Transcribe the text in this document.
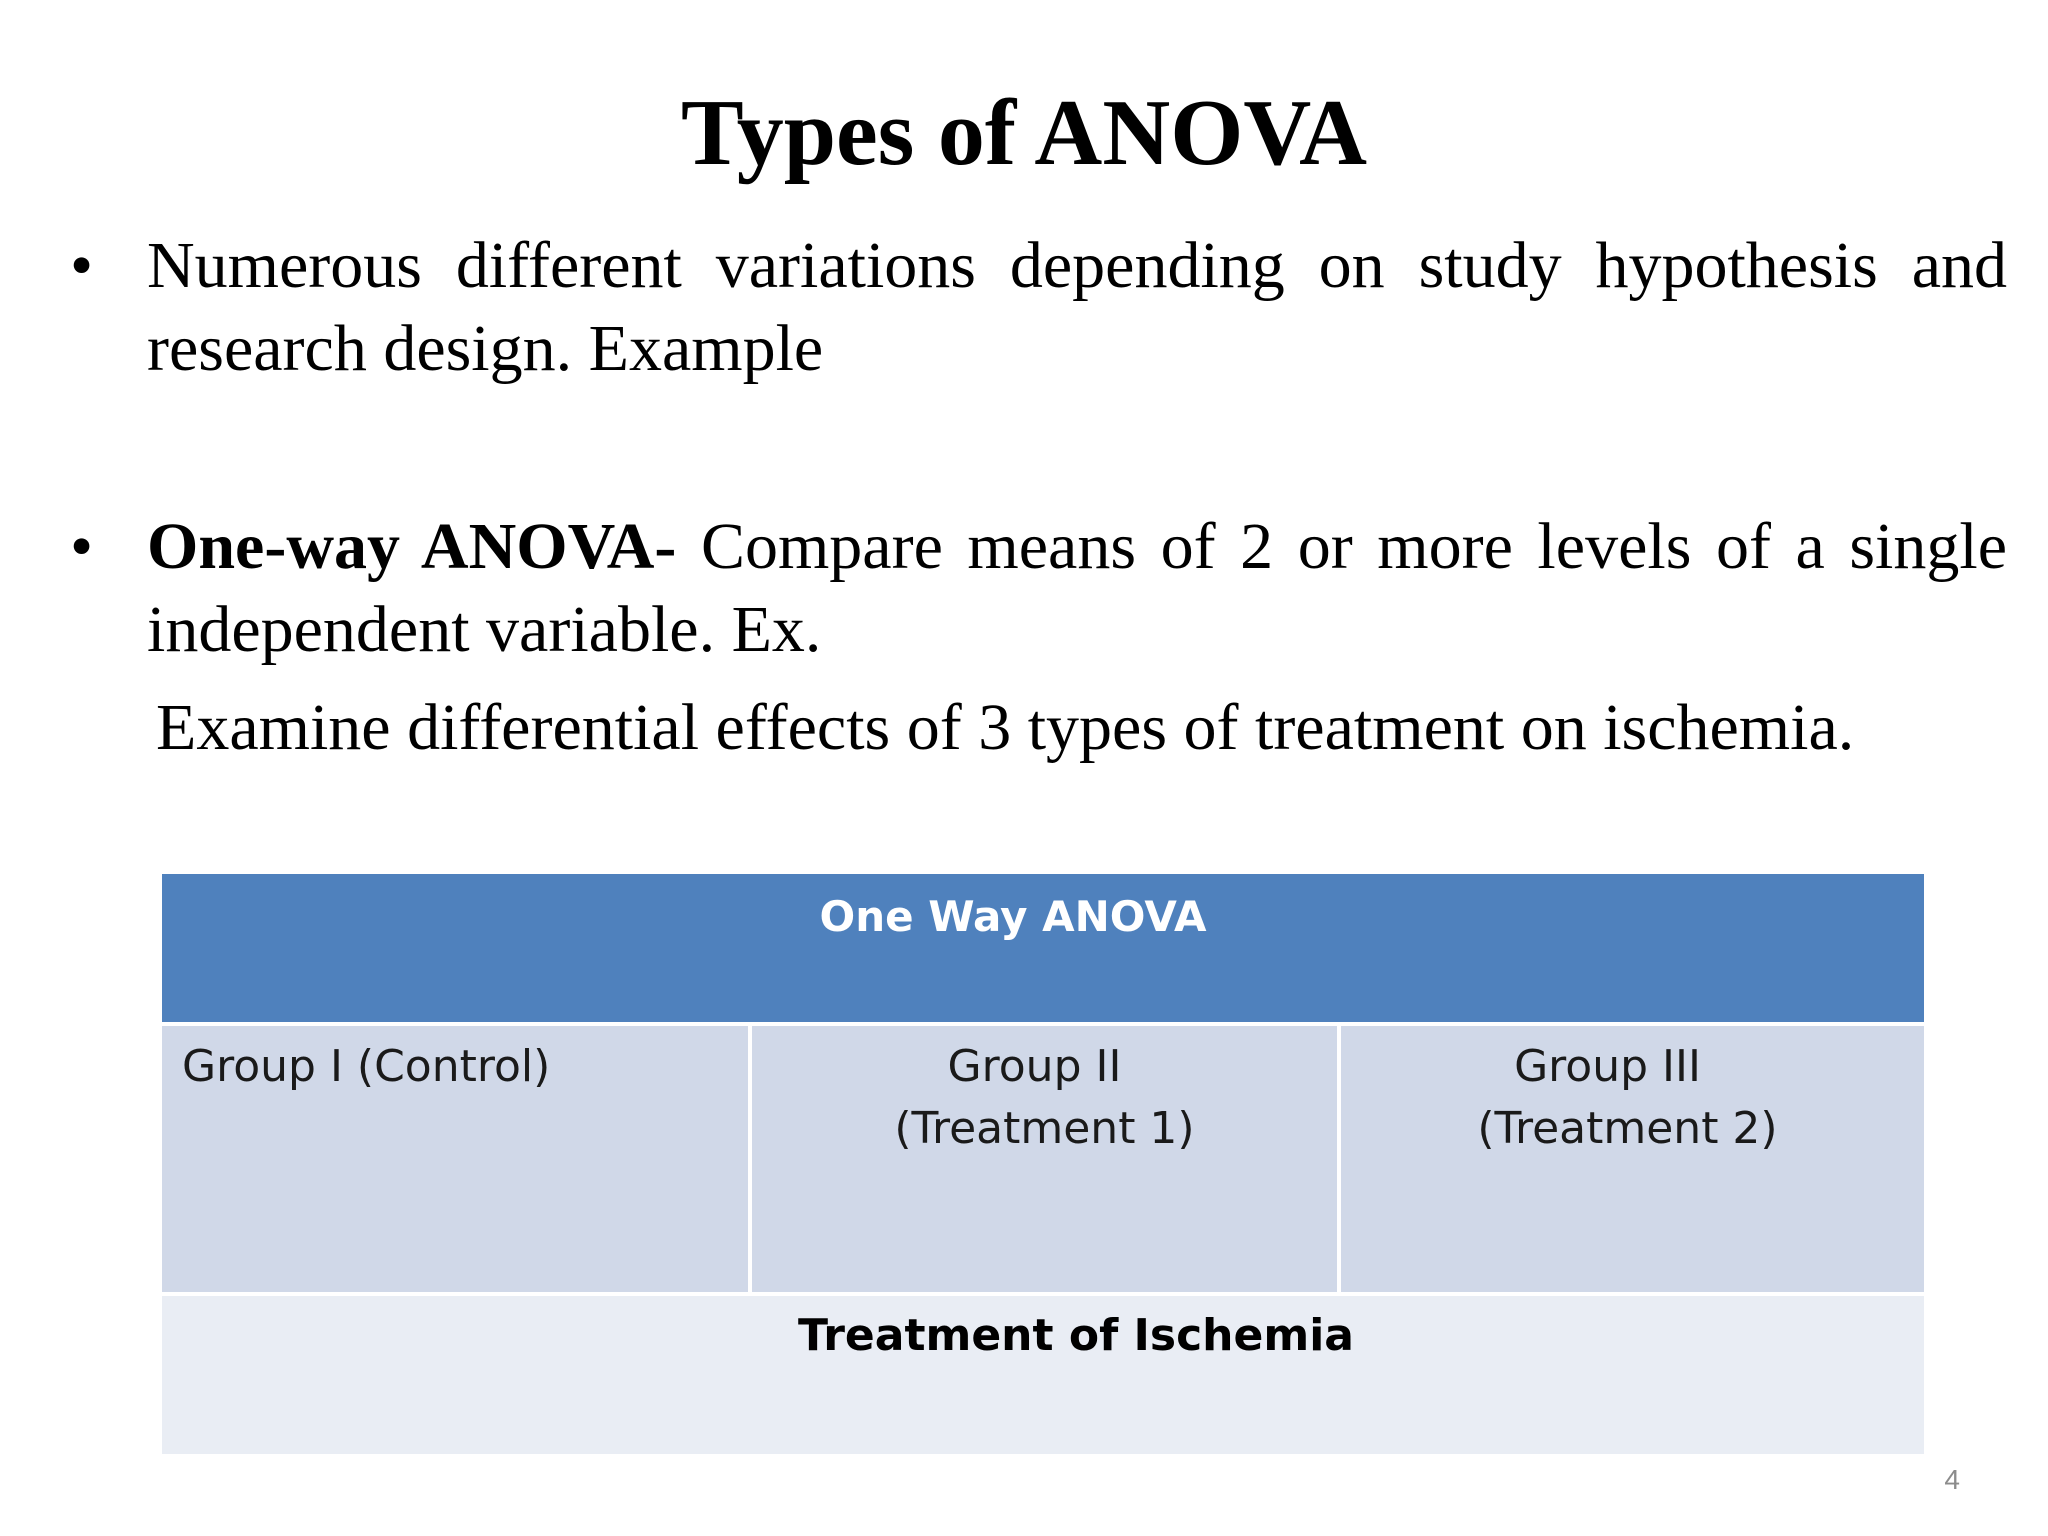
Types of ANOVA
• Numerous different variations depending on study hypothesis and research design. Example
• One-way ANOVA- Compare means of 2 or more levels of a single independent variable. Ex.
Examine differential effects of 3 types of treatment on ischemia.
One Way ANOVA
Group I (Control)	Group II
(Treatment 1)
Group III
(Treatment 2)
Treatment of Ischemia
4
